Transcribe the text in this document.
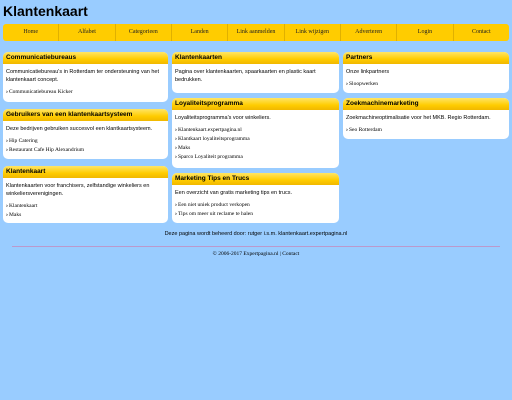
Klantenkaart
Home	Alfabet	Categorieen	Landen	Link aanmelden	Link wijzigen	Adverteren	Login	Contact
Communicatiebureaus

Communicatiebureau's in Rotterdam ter ondersteuning van het klantenkaart concept.

›Communicatiebureau Kicker
Gebruikers van een klantenkaartsysteem

Deze bedrijven gebruiken succesvol een klantkaartsysteem.

›Hip Catering
›Restaurant Cafe Hip Alexandrium
Klantenkaart

Klantenkaarten voor franchisers, zelfstandige winkeliers en winkeliersverenigingen.

›Klantenkaart
›Maks
Klantenkaarten

Pagina over klantenkaarten, spaarkaarten en plastic kaart bedrukken.

Loyaliteitsprogramma

Loyaliteitsprogramma's voor winkeliers.

›Klantenkaart.expertpagina.nl
›Klantkaart loyaliteitsprogramma
›Maks
›Sparco Loyaliteit programma
Marketing Tips en Trucs

Een overzicht van gratis marketing tips en trucs.

›Een niet uniek product verkopen
›Tips om meer uit reclame te halen
Partners

Onze linkpartners

›Sloopwerken
Zoekmachinemarketing

Zoekmachineoptimalisatie voor het MKB. Regio Rotterdam.

›Seo Rotterdam
Deze pagina wordt beheerd door: rutger i.s.m. klantenkaart.expertpagina.nl
© 2006-2017 Expertpagina.nl | Contact
